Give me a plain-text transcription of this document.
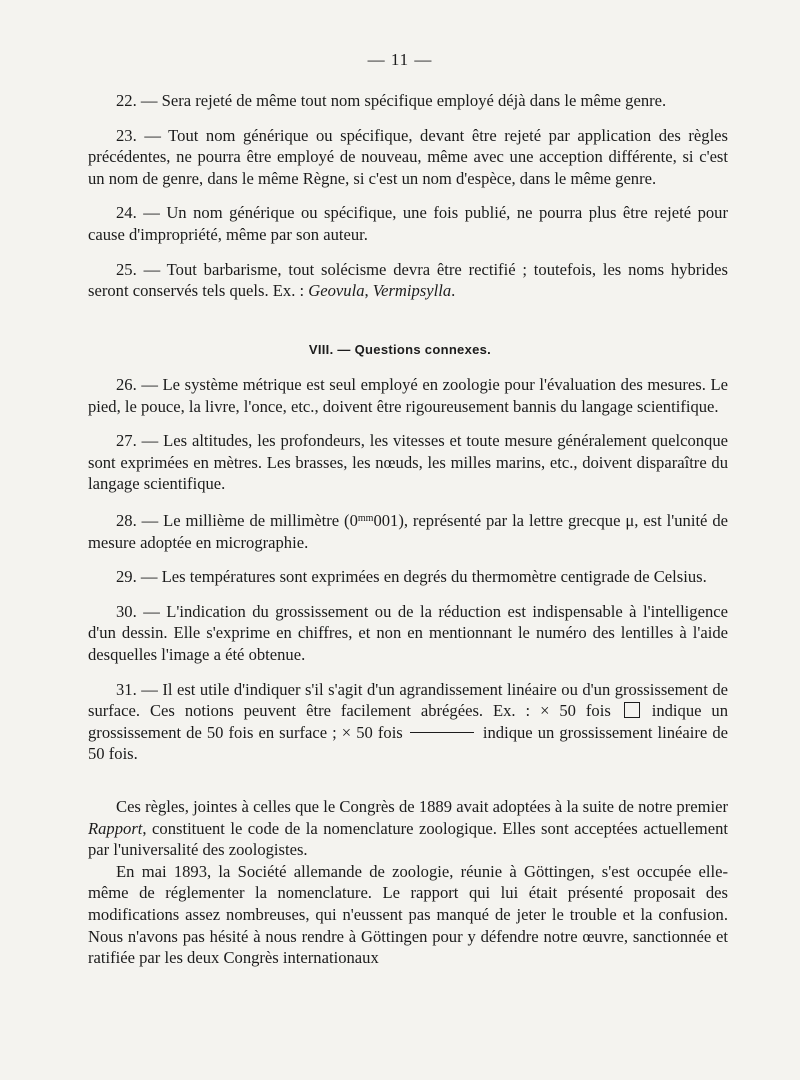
— 11 —

22. — Sera rejeté de même tout nom spécifique employé déjà dans le même genre.

23. — Tout nom générique ou spécifique, devant être rejeté par application des règles précédentes, ne pourra être employé de nouveau, même avec une acception différente, si c'est un nom de genre, dans le même Règne, si c'est un nom d'espèce, dans le même genre.

24. — Un nom générique ou spécifique, une fois publié, ne pourra plus être rejeté pour cause d'impropriété, même par son auteur.

25. — Tout barbarisme, tout solécisme devra être rectifié ; toutefois, les noms hybrides seront conservés tels quels. Ex. : Geovula, Vermipsylla.

VIII. — Questions connexes.

26. — Le système métrique est seul employé en zoologie pour l'évaluation des mesures. Le pied, le pouce, la livre, l'once, etc., doivent être rigoureusement bannis du langage scientifique.

27. — Les altitudes, les profondeurs, les vitesses et toute mesure généralement quelconque sont exprimées en mètres. Les brasses, les nœuds, les milles marins, etc., doivent disparaître du langage scientifique.

28. — Le millième de millimètre $(0^{mm}001)$, représenté par la lettre grecque μ, est l'unité de mesure adoptée en micrographie.

29. — Les températures sont exprimées en degrés du thermomètre centigrade de Celsius.

30. — L'indication du grossissement ou de la réduction est indispensable à l'intelligence d'un dessin. Elle s'exprime en chiffres, et non en mentionnant le numéro des lentilles à l'aide desquelles l'image a été obtenue.

31. — Il est utile d'indiquer s'il s'agit d'un agrandissement linéaire ou d'un grossissement de surface. Ces notions peuvent être facilement abrégées. Ex. : × 50 fois indique un grossissement de 50 fois en surface ; × 50 fois	indique un grossissement linéaire de 50 fois.

Ces règles, jointes à celles que le Congrès de 1889 avait adoptées à la suite de notre premier Rapport, constituent le code de la nomenclature zoologique. Elles sont acceptées actuellement par l'universalité des zoologistes.

En mai 1893, la Société allemande de zoologie, réunie à Göttingen, s'est occupée elle-même de réglementer la nomenclature. Le rapport qui lui était présenté proposait des modifications assez nombreuses, qui n'eussent pas manqué de jeter le trouble et la confusion. Nous n'avons pas hésité à nous rendre à Göttingen pour y défendre notre œuvre, sanctionnée et ratifiée par les deux Congrès internationaux
